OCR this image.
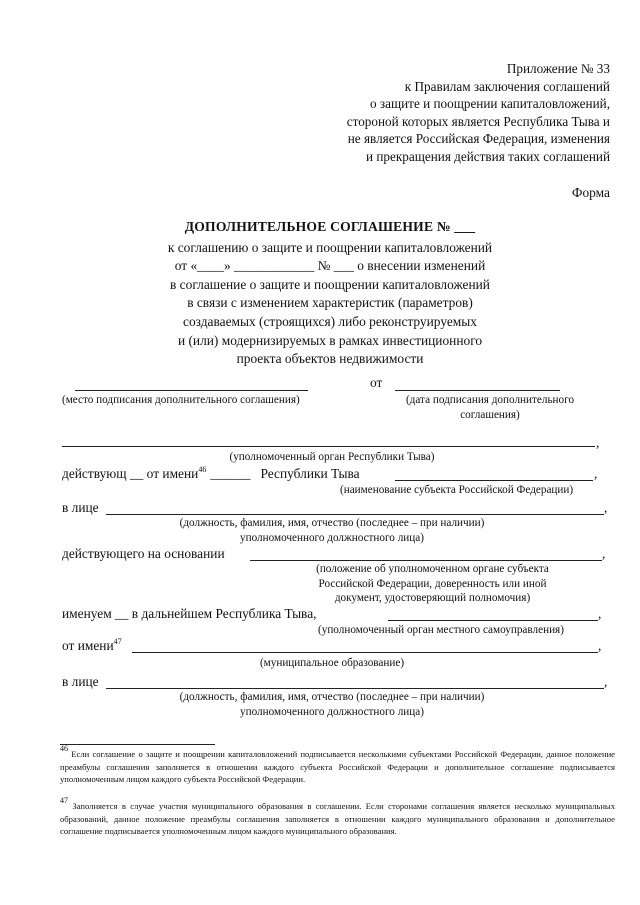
Приложение № 33
к Правилам заключения соглашений
о защите и поощрении капиталовложений,
стороной которых является Республика Тыва и
не является Российская Федерация, изменения
и прекращения действия таких соглашений
Форма
ДОПОЛНИТЕЛЬНОЕ СОГЛАШЕНИЕ № ___
к соглашению о защите и поощрении капиталовложений
от «____» ____________ № ___ о внесении изменений
в соглашение о защите и поощрении капиталовложений
в связи с изменением характеристик (параметров)
создаваемых (строящихся) либо реконструируемых
и (или) модернизируемых в рамках инвестиционного
проекта объектов недвижимости
от
(место подписания дополнительного соглашения)	(дата подписания дополнительного
соглашения)
,
(уполномоченный орган Республики Тыва)
действующ __ от имени$^{46}$ ______ Республики Тыва	,
(наименование субъекта Российской Федерации)
в лице	,
(должность, фамилия, имя, отчество (последнее – при наличии)
уполномоченного должностного лица)
действующего на основании	,
(положение об уполномоченном органе субъекта
Российской Федерации, доверенность или иной
документ, удостоверяющий полномочия)
именуем __ в дальнейшем Республика Тыва,	,
(уполномоченный орган местного самоуправления)
от имени$^{47}$	,
(муниципальное образование)
в лице	,
(должность, фамилия, имя, отчество (последнее – при наличии)
уполномоченного должностного лица)
$^{46}$ Если соглашение о защите и поощрении капиталовложений подписывается несколькими субъектами Российской Федерации, данное положение преамбулы соглашения заполняется в отношении каждого субъекта Российской Федерации и дополнительное соглашение подписывается уполномоченным лицом каждого субъекта Российской Федерации.
$^{47}$ Заполняется в случае участия муниципального образования в соглашении. Если сторонами соглашения является несколько муниципальных образований, данное положение преамбулы соглашения заполняется в отношении каждого муниципального образования и дополнительное соглашение подписывается уполномоченным лицом каждого муниципального образования.
